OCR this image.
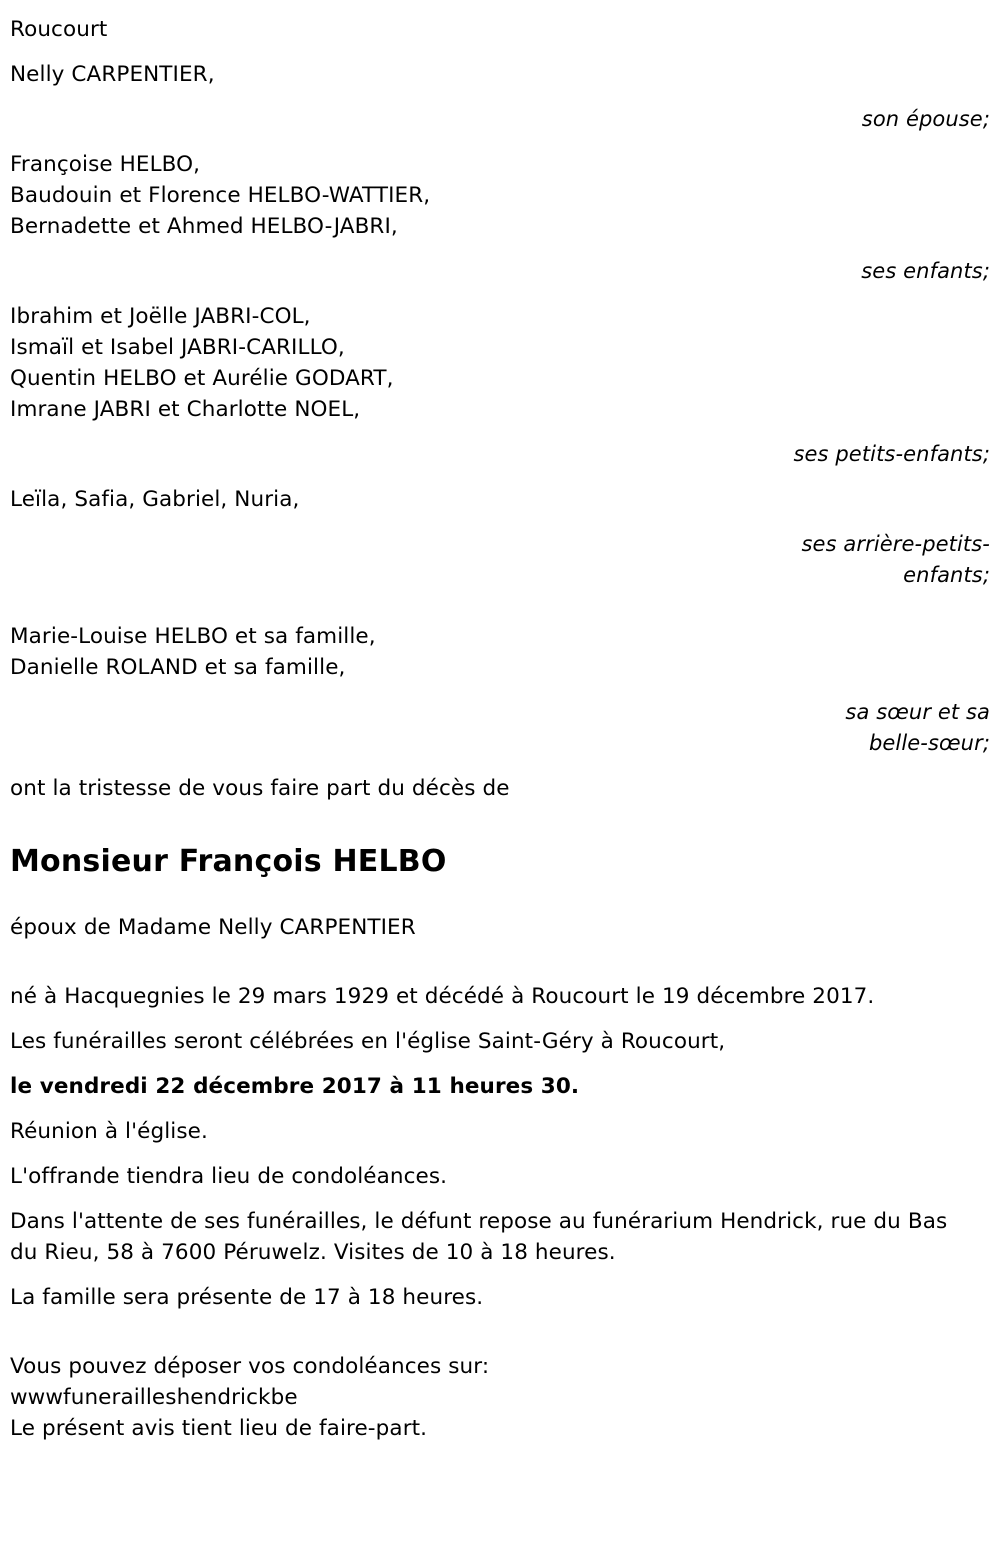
Roucourt
Nelly CARPENTIER,
son épouse;
Françoise HELBO,
Baudouin et Florence HELBO-WATTIER,
Bernadette et Ahmed HELBO-JABRI,
ses enfants;
Ibrahim et Joëlle JABRI-COL,
Ismaïl et Isabel JABRI-CARILLO,
Quentin HELBO et Aurélie GODART,
Imrane JABRI et Charlotte NOEL,
ses petits-enfants;
Leïla, Safia, Gabriel, Nuria,
ses arrière-petits-
enfants;
Marie-Louise HELBO et sa famille,
Danielle ROLAND et sa famille,
sa sœur et sa
belle-sœur;
ont la tristesse de vous faire part du décès de
Monsieur François HELBO
époux de Madame Nelly CARPENTIER
né à Hacquegnies le 29 mars 1929 et décédé à Roucourt le 19 décembre 2017.
Les funérailles seront célébrées en l'église Saint-Géry à Roucourt,
le vendredi 22 décembre 2017 à 11 heures 30.
Réunion à l'église.
L'offrande tiendra lieu de condoléances.
Dans l'attente de ses funérailles, le défunt repose au funérarium Hendrick, rue du Bas du Rieu, 58 à 7600 Péruwelz. Visites de 10 à 18 heures.
La famille sera présente de 17 à 18 heures.
Vous pouvez déposer vos condoléances sur:
wwwfunerailleshendrickbe
Le présent avis tient lieu de faire-part.
